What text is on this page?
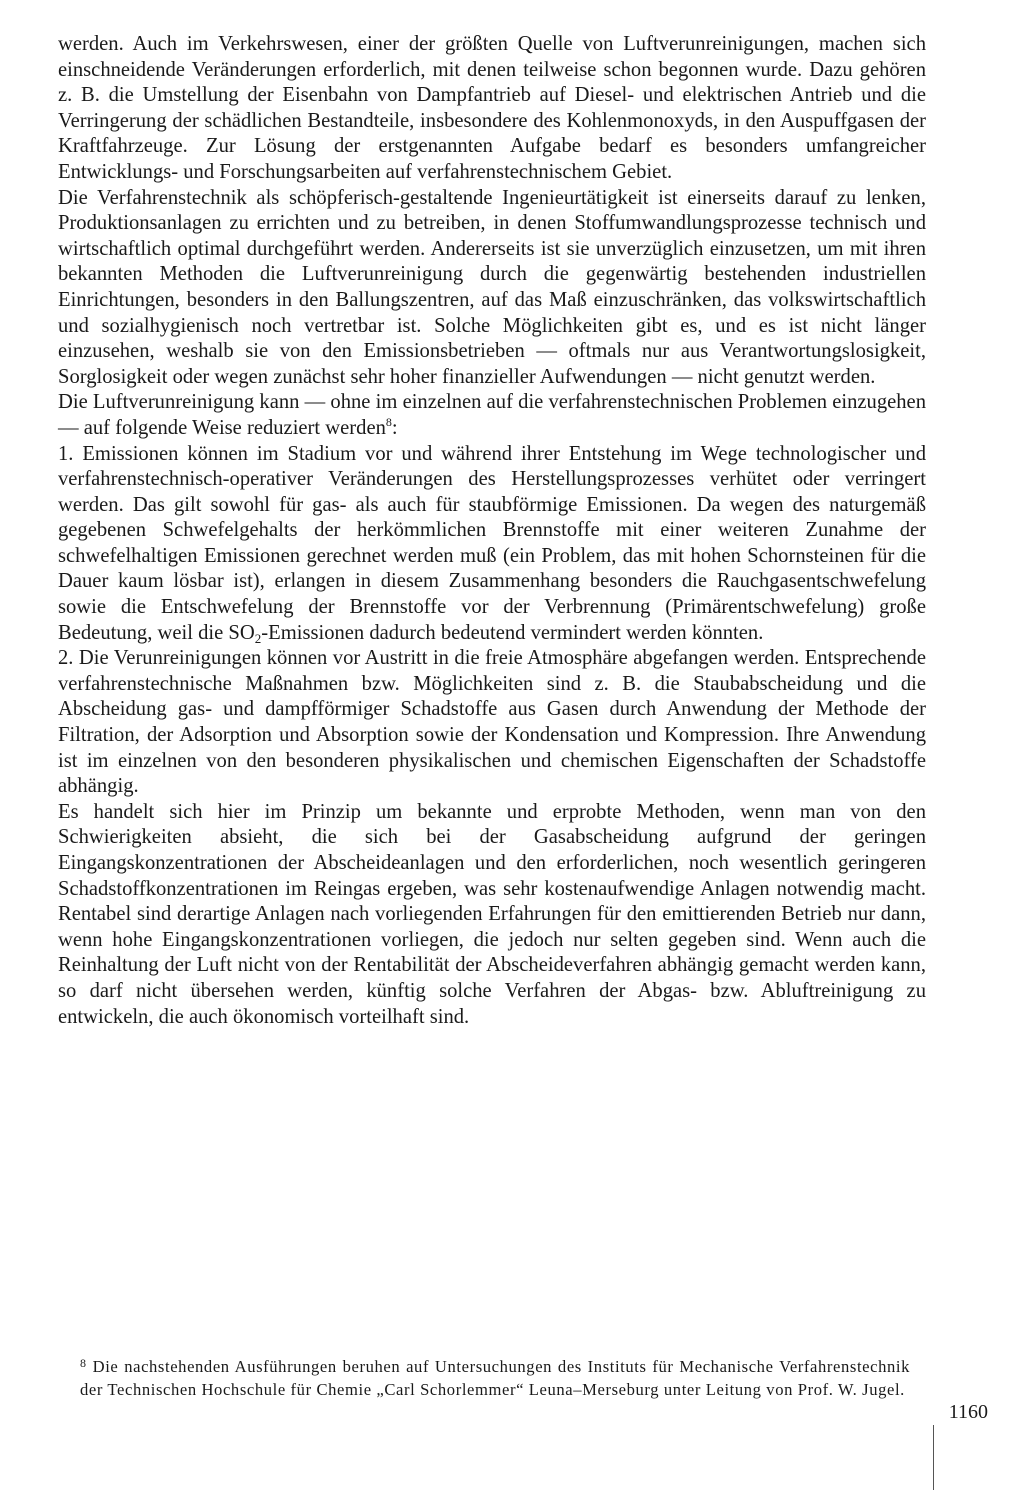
werden. Auch im Verkehrswesen, einer der größten Quelle von Luftverunreinigungen, machen sich einschneidende Veränderungen erforderlich, mit denen teilweise schon begonnen wurde. Dazu gehören z. B. die Umstellung der Eisenbahn von Dampfantrieb auf Diesel- und elektrischen Antrieb und die Verringerung der schädlichen Bestandteile, insbesondere des Kohlenmonoxyds, in den Auspuffgasen der Kraftfahrzeuge. Zur Lösung der erstgenannten Aufgabe bedarf es besonders umfangreicher Entwicklungs- und Forschungsarbeiten auf verfahrenstechnischem Gebiet.

Die Verfahrenstechnik als schöpferisch-gestaltende Ingenieurtätigkeit ist einerseits darauf zu lenken, Produktionsanlagen zu errichten und zu betreiben, in denen Stoffumwandlungsprozesse technisch und wirtschaftlich optimal durchgeführt werden. Andererseits ist sie unverzüglich einzusetzen, um mit ihren bekannten Methoden die Luftverunreinigung durch die gegenwärtig bestehenden industriellen Einrichtungen, besonders in den Ballungszentren, auf das Maß einzuschränken, das volkswirtschaftlich und sozialhygienisch noch vertretbar ist. Solche Möglichkeiten gibt es, und es ist nicht länger einzusehen, weshalb sie von den Emissionsbetrieben — oftmals nur aus Verantwortungslosigkeit, Sorglosigkeit oder wegen zunächst sehr hoher finanzieller Aufwendungen — nicht genutzt werden.

Die Luftverunreinigung kann — ohne im einzelnen auf die verfahrenstechnischen Problemen einzugehen — auf folgende Weise reduziert werden$^8$:

1. Emissionen können im Stadium vor und während ihrer Entstehung im Wege technologischer und verfahrenstechnisch-operativer Veränderungen des Herstellungsprozesses verhütet oder verringert werden. Das gilt sowohl für gas- als auch für staubförmige Emissionen. Da wegen des naturgemäß gegebenen Schwefelgehalts der herkömmlichen Brennstoffe mit einer weiteren Zunahme der schwefelhaltigen Emissionen gerechnet werden muß (ein Problem, das mit hohen Schornsteinen für die Dauer kaum lösbar ist), erlangen in diesem Zusammenhang besonders die Rauchgasentschwefelung sowie die Entschwefelung der Brennstoffe vor der Verbrennung (Primärentschwefelung) große Bedeutung, weil die $SO_2$-Emissionen dadurch bedeutend vermindert werden könnten.

2. Die Verunreinigungen können vor Austritt in die freie Atmosphäre abgefangen werden. Entsprechende verfahrenstechnische Maßnahmen bzw. Möglichkeiten sind z. B. die Staubabscheidung und die Abscheidung gas- und dampfförmiger Schadstoffe aus Gasen durch Anwendung der Methode der Filtration, der Adsorption und Absorption sowie der Kondensation und Kompression. Ihre Anwendung ist im einzelnen von den besonderen physikalischen und chemischen Eigenschaften der Schadstoffe abhängig.

Es handelt sich hier im Prinzip um bekannte und erprobte Methoden, wenn man von den Schwierigkeiten absieht, die sich bei der Gasabscheidung aufgrund der geringen Eingangskonzentrationen der Abscheideanlagen und den erforderlichen, noch wesentlich geringeren Schadstoffkonzentrationen im Reingas ergeben, was sehr kostenaufwendige Anlagen notwendig macht. Rentabel sind derartige Anlagen nach vorliegenden Erfahrungen für den emittierenden Betrieb nur dann, wenn hohe Eingangskonzentrationen vorliegen, die jedoch nur selten gegeben sind. Wenn auch die Reinhaltung der Luft nicht von der Rentabilität der Abscheideverfahren abhängig gemacht werden kann, so darf nicht übersehen werden, künftig solche Verfahren der Abgas- bzw. Abluftreinigung zu entwickeln, die auch ökonomisch vorteilhaft sind.

$^8$ Die nachstehenden Ausführungen beruhen auf Untersuchungen des Instituts für Mechanische Verfahrenstechnik der Technischen Hochschule für Chemie „Carl Schorlemmer“ Leuna–Merseburg unter Leitung von Prof. W. Jugel.
1160
